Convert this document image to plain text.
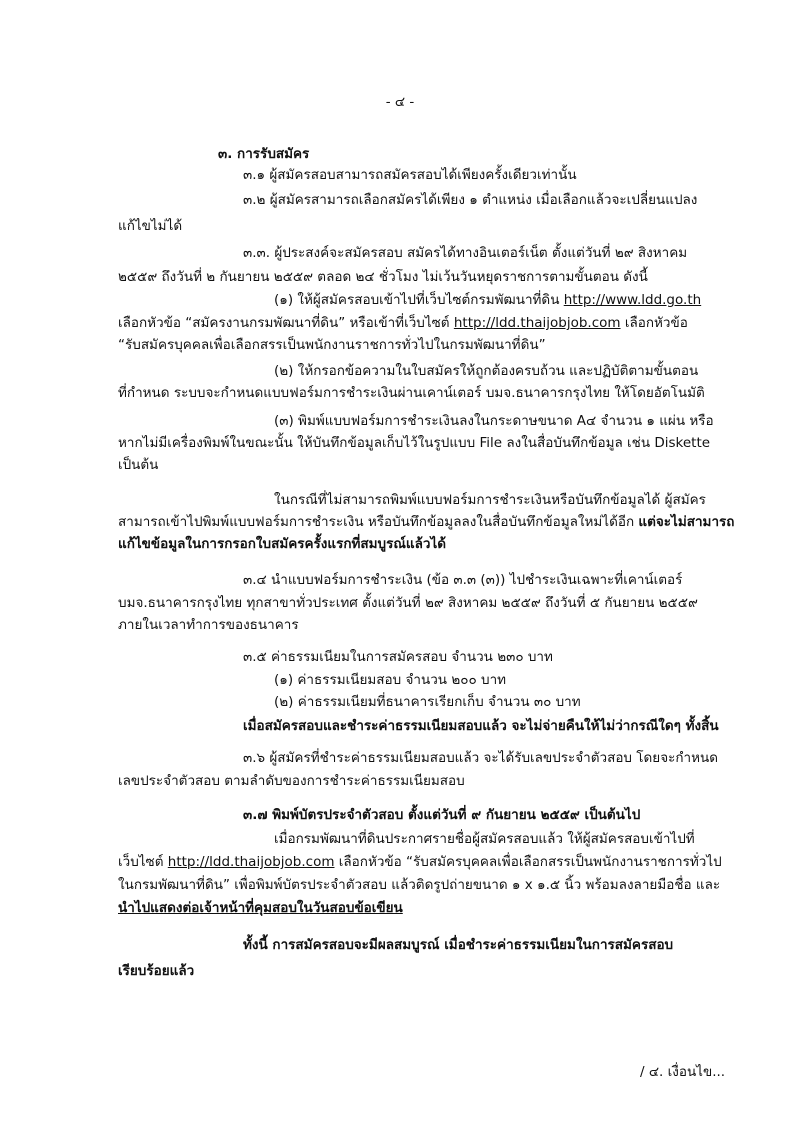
- ๔ -
๓. การรับสมัคร
๓.๑ ผู้สมัครสอบสามารถสมัครสอบได้เพียงครั้งเดียวเท่านั้น
๓.๒ ผู้สมัครสามารถเลือกสมัครได้เพียง ๑ ตำแหน่ง เมื่อเลือกแล้วจะเปลี่ยนแปลง
แก้ไขไม่ได้
๓.๓. ผู้ประสงค์จะสมัครสอบ สมัครได้ทางอินเตอร์เน็ต ตั้งแต่วันที่ ๒๙ สิงหาคม
๒๕๕๙ ถึงวันที่ ๒ กันยายน ๒๕๕๙ ตลอด ๒๔ ชั่วโมง ไม่เว้นวันหยุดราชการตามขั้นตอน ดังนี้
(๑) ให้ผู้สมัครสอบเข้าไปที่เว็บไซต์กรมพัฒนาที่ดิน http://www.ldd.go.th
เลือกหัวข้อ “สมัครงานกรมพัฒนาที่ดิน” หรือเข้าที่เว็บไซต์ http://ldd.thaijobjob.com เลือกหัวข้อ
“รับสมัครบุคคลเพื่อเลือกสรรเป็นพนักงานราชการทั่วไปในกรมพัฒนาที่ดิน”
(๒) ให้กรอกข้อความในใบสมัครให้ถูกต้องครบถ้วน และปฏิบัติตามขั้นตอน
ที่กำหนด ระบบจะกำหนดแบบฟอร์มการชำระเงินผ่านเคาน์เตอร์ บมจ.ธนาคารกรุงไทย ให้โดยอัตโนมัติ
(๓) พิมพ์แบบฟอร์มการชำระเงินลงในกระดาษขนาด A๔ จำนวน ๑ แผ่น หรือ
หากไม่มีเครื่องพิมพ์ในขณะนั้น ให้บันทึกข้อมูลเก็บไว้ในรูปแบบ File ลงในสื่อบันทึกข้อมูล เช่น Diskette
เป็นต้น
ในกรณีที่ไม่สามารถพิมพ์แบบฟอร์มการชำระเงินหรือบันทึกข้อมูลได้ ผู้สมัคร
สามารถเข้าไปพิมพ์แบบฟอร์มการชำระเงิน หรือบันทึกข้อมูลลงในสื่อบันทึกข้อมูลใหม่ได้อีก แต่จะไม่สามารถ
แก้ไขข้อมูลในการกรอกใบสมัครครั้งแรกที่สมบูรณ์แล้วได้
๓.๔ นำแบบฟอร์มการชำระเงิน (ข้อ ๓.๓ (๓)) ไปชำระเงินเฉพาะที่เคาน์เตอร์
บมจ.ธนาคารกรุงไทย ทุกสาขาทั่วประเทศ ตั้งแต่วันที่ ๒๙ สิงหาคม ๒๕๕๙ ถึงวันที่ ๕ กันยายน ๒๕๕๙
ภายในเวลาทำการของธนาคาร
๓.๕ ค่าธรรมเนียมในการสมัครสอบ จำนวน ๒๓๐ บาท
(๑) ค่าธรรมเนียมสอบ จำนวน ๒๐๐ บาท
(๒) ค่าธรรมเนียมที่ธนาคารเรียกเก็บ จำนวน ๓๐ บาท
เมื่อสมัครสอบและชำระค่าธรรมเนียมสอบแล้ว จะไม่จ่ายคืนให้ไม่ว่ากรณีใดๆ ทั้งสิ้น
๓.๖ ผู้สมัครที่ชำระค่าธรรมเนียมสอบแล้ว จะได้รับเลขประจำตัวสอบ โดยจะกำหนด
เลขประจำตัวสอบ ตามลำดับของการชำระค่าธรรมเนียมสอบ
๓.๗ พิมพ์บัตรประจำตัวสอบ ตั้งแต่วันที่ ๙ กันยายน ๒๕๕๙ เป็นต้นไป
เมื่อกรมพัฒนาที่ดินประกาศรายชื่อผู้สมัครสอบแล้ว ให้ผู้สมัครสอบเข้าไปที่
เว็บไซต์ http://ldd.thaijobjob.com เลือกหัวข้อ “รับสมัครบุคคลเพื่อเลือกสรรเป็นพนักงานราชการทั่วไป
ในกรมพัฒนาที่ดิน” เพื่อพิมพ์บัตรประจำตัวสอบ แล้วติดรูปถ่ายขนาด ๑ x ๑.๕ นิ้ว พร้อมลงลายมือชื่อ และ
นำไปแสดงต่อเจ้าหน้าที่คุมสอบในวันสอบข้อเขียน
ทั้งนี้ การสมัครสอบจะมีผลสมบูรณ์ เมื่อชำระค่าธรรมเนียมในการสมัครสอบ
เรียบร้อยแล้ว
/ ๔. เงื่อนไข...
